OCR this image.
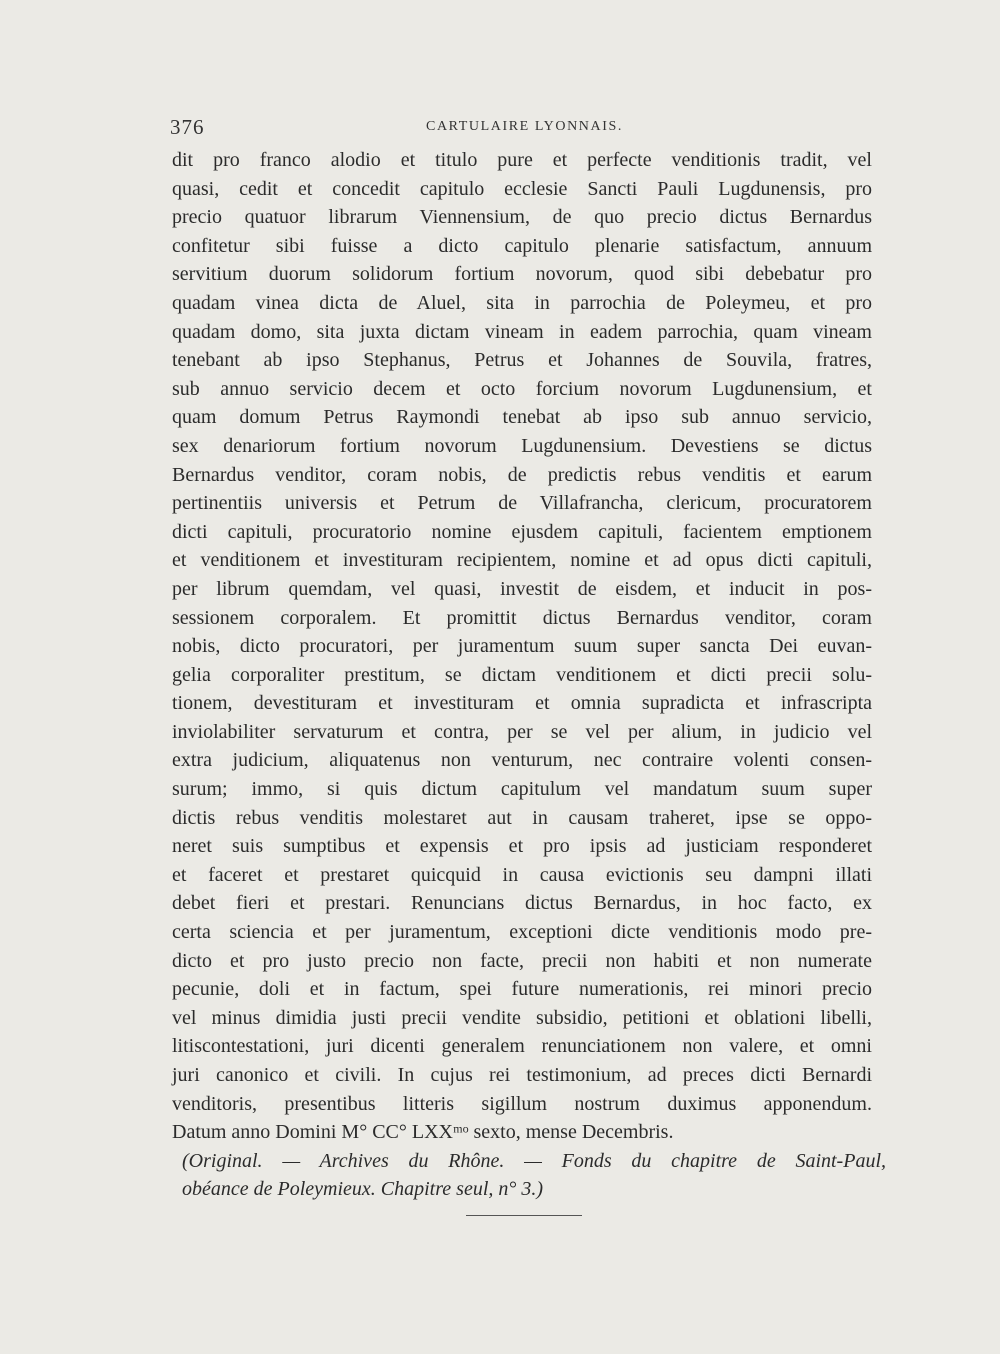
376	CARTULAIRE LYONNAIS.
dit pro franco alodio et titulo pure et perfecte venditionis tradit, vel
quasi, cedit et concedit capitulo ecclesie Sancti Pauli Lugdunensis, pro
precio quatuor librarum Viennensium, de quo precio dictus Bernardus
confitetur sibi fuisse a dicto capitulo plenarie satisfactum, annuum
servitium duorum solidorum fortium novorum, quod sibi debebatur pro
quadam vinea dicta de Aluel, sita in parrochia de Poleymeu, et pro
quadam domo, sita juxta dictam vineam in eadem parrochia, quam vineam
tenebant ab ipso Stephanus, Petrus et Johannes de Souvila, fratres,
sub annuo servicio decem et octo forcium novorum Lugdunensium, et
quam domum Petrus Raymondi tenebat ab ipso sub annuo servicio,
sex denariorum fortium novorum Lugdunensium. Devestiens se dictus
Bernardus venditor, coram nobis, de predictis rebus venditis et earum
pertinentiis universis et Petrum de Villafrancha, clericum, procuratorem
dicti capituli, procuratorio nomine ejusdem capituli, facientem emptionem
et venditionem et investituram recipientem, nomine et ad opus dicti capituli,
per librum quemdam, vel quasi, investit de eisdem, et inducit in pos-
sessionem corporalem. Et promittit dictus Bernardus venditor, coram
nobis, dicto procuratori, per juramentum suum super sancta Dei euvan-
gelia corporaliter prestitum, se dictam venditionem et dicti precii solu-
tionem, devestituram et investituram et omnia supradicta et infrascripta
inviolabiliter servaturum et contra, per se vel per alium, in judicio vel
extra judicium, aliquatenus non venturum, nec contraire volenti consen-
surum; immo, si quis dictum capitulum vel mandatum suum super
dictis rebus venditis molestaret aut in causam traheret, ipse se oppo-
neret suis sumptibus et expensis et pro ipsis ad justiciam responderet
et faceret et prestaret quicquid in causa evictionis seu dampni illati
debet fieri et prestari. Renuncians dictus Bernardus, in hoc facto, ex
certa sciencia et per juramentum, exceptioni dicte venditionis modo pre-
dicto et pro justo precio non facte, precii non habiti et non numerate
pecunie, doli et in factum, spei future numerationis, rei minori precio
vel minus dimidia justi precii vendite subsidio, petitioni et oblationi libelli,
litiscontestationi, juri dicenti generalem renunciationem non valere, et omni
juri canonico et civili. In cujus rei testimonium, ad preces dicti Bernardi
venditoris, presentibus litteris sigillum nostrum duximus apponendum.
Datum anno Domini M° CC° LXXᵐᵒ sexto, mense Decembris.
(Original. — Archives du Rhône. — Fonds du chapitre de Saint-Paul,
obéance de Poleymieux. Chapitre seul, n° 3.)
